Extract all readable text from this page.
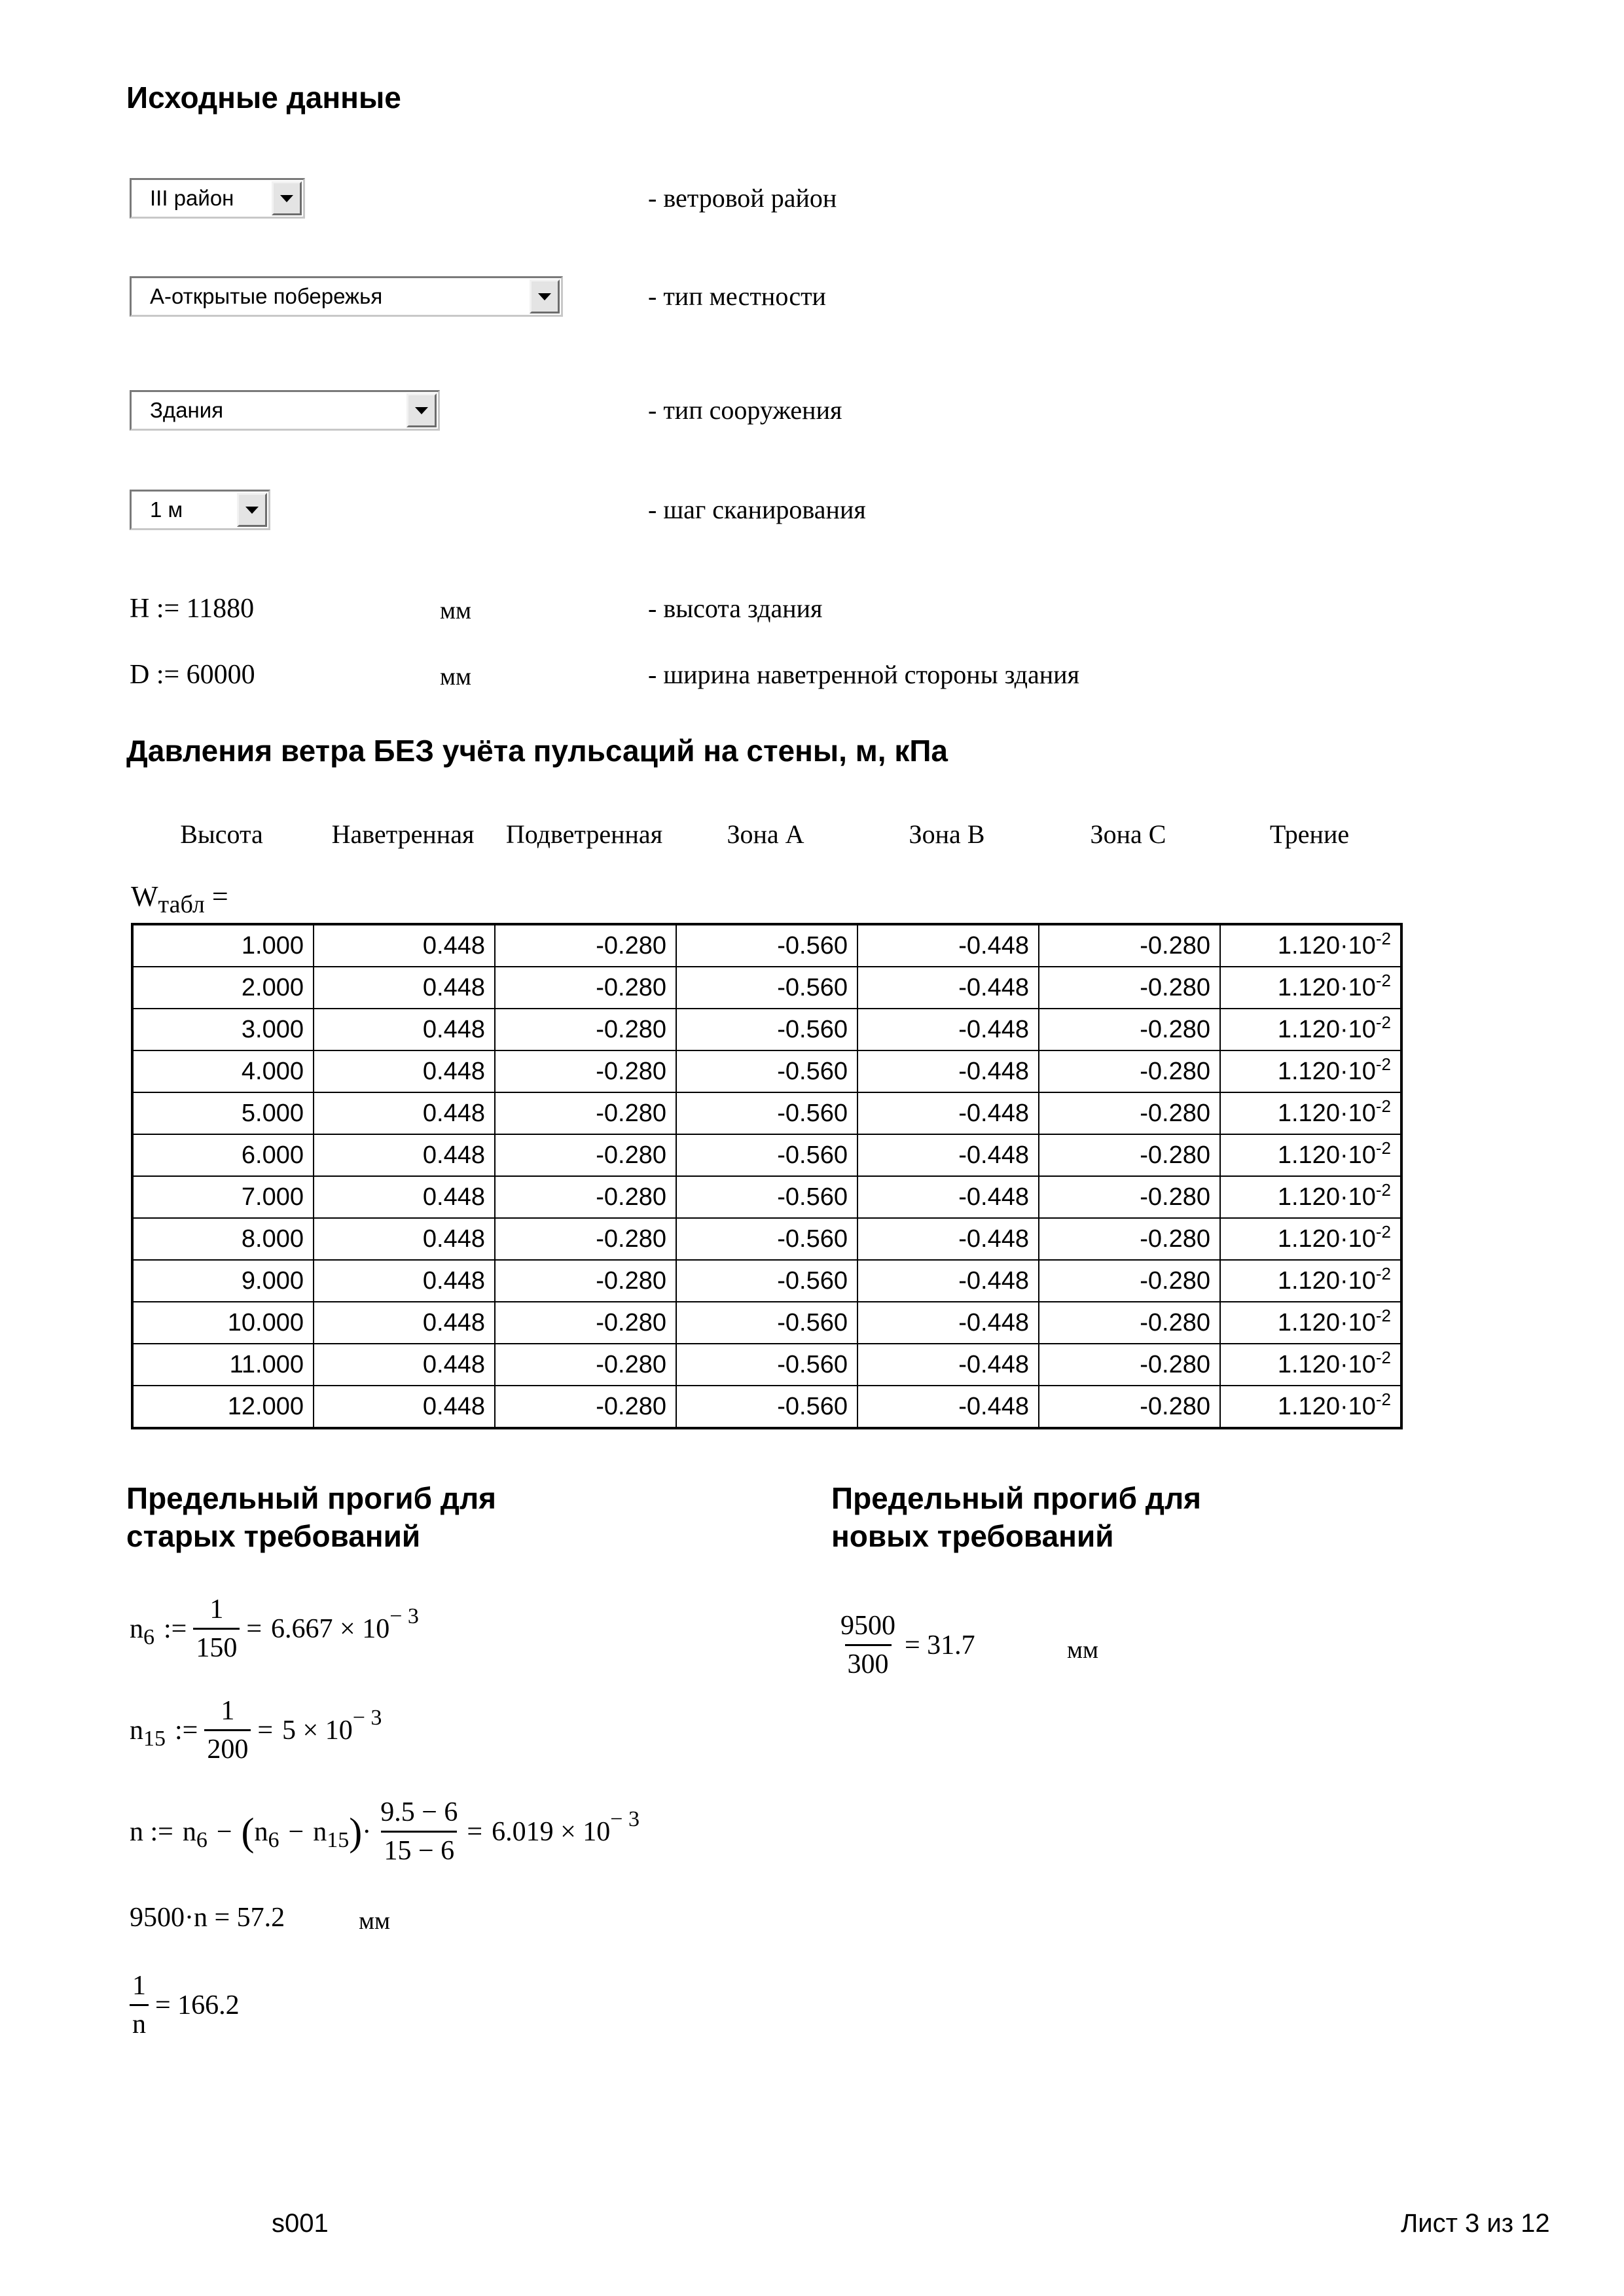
Исходные данные
III район	- ветровой район
А-открытые побережья	- тип местности
Здания	- тип сооружения
1 м	- шаг сканирования
H := 11880	мм	- высота здания
D := 60000	мм	- ширина наветренной стороны здания
Давления ветра БЕЗ учёта пульсаций на стены, м, кПа
Высота	Наветренная	Подветренная	Зона А	Зона В	Зона С	Трение
$W_{табл}$ =
1.000	0.448	-0.280	-0.560	-0.448	-0.280	$1.120\cdot 10^{-2}$
2.000	0.448	-0.280	-0.560	-0.448	-0.280	$1.120\cdot 10^{-2}$
3.000	0.448	-0.280	-0.560	-0.448	-0.280	$1.120\cdot 10^{-2}$
4.000	0.448	-0.280	-0.560	-0.448	-0.280	$1.120\cdot 10^{-2}$
5.000	0.448	-0.280	-0.560	-0.448	-0.280	$1.120\cdot 10^{-2}$
6.000	0.448	-0.280	-0.560	-0.448	-0.280	$1.120\cdot 10^{-2}$
7.000	0.448	-0.280	-0.560	-0.448	-0.280	$1.120\cdot 10^{-2}$
8.000	0.448	-0.280	-0.560	-0.448	-0.280	$1.120\cdot 10^{-2}$
9.000	0.448	-0.280	-0.560	-0.448	-0.280	$1.120\cdot 10^{-2}$
10.000	0.448	-0.280	-0.560	-0.448	-0.280	$1.120\cdot 10^{-2}$
11.000	0.448	-0.280	-0.560	-0.448	-0.280	$1.120\cdot 10^{-2}$
12.000	0.448	-0.280	-0.560	-0.448	-0.280	$1.120\cdot 10^{-2}$
Предельный прогиб для
старых требований
Предельный прогиб для
новых требований
$n_6$ := $\frac{1}{150} = 6.667 \times 10^{- 3}$
$n_{15}$ := $\frac{1}{200} = 5 \times 10^{- 3}$
n := $n_6$ − ( $n_6 - n_{15}$ ) · $\frac{9.5 - 6}{15 - 6} = 6.019 \times 10^{- 3}$
9500·n = 57.2	мм
$\frac{1}{n} = 166.2$
$\frac{9500}{300} = 31.7$	мм
s001	Лист 3 из 12
